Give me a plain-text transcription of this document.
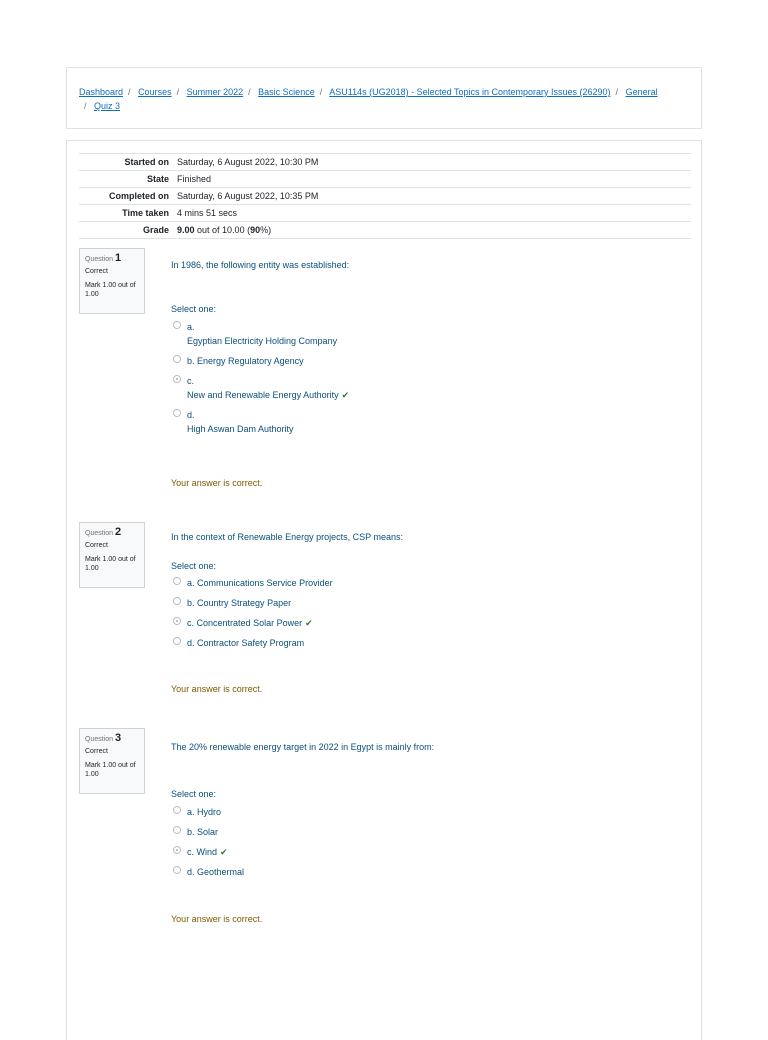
Dashboard / Courses / Summer 2022 / Basic Science / ASU114s (UG2018) - Selected Topics in Contemporary Issues (26290) / General
/ Quiz 3
Started on	Saturday, 6 August 2022, 10:30 PM
State	Finished
Completed on	Saturday, 6 August 2022, 10:35 PM
Time taken	4 mins 51 secs
Grade	9.00 out of 10.00 (90%)
Question 1
Correct
Mark 1.00 out of 1.00
In 1986, the following entity was established:
Select one:
a.
Egyptian Electricity Holding Company
b. Energy Regulatory Agency
c.
New and Renewable Energy Authority ✔
d.
High Aswan Dam Authority
Your answer is correct.
Question 2
Correct
Mark 1.00 out of 1.00
In the context of Renewable Energy projects, CSP means:
Select one:
a. Communications Service Provider
b. Country Strategy Paper
c. Concentrated Solar Power ✔
d. Contractor Safety Program
Your answer is correct.
Question 3
Correct
Mark 1.00 out of 1.00
The 20% renewable energy target in 2022 in Egypt is mainly from:
Select one:
a. Hydro
b. Solar
c. Wind ✔
d. Geothermal
Your answer is correct.
